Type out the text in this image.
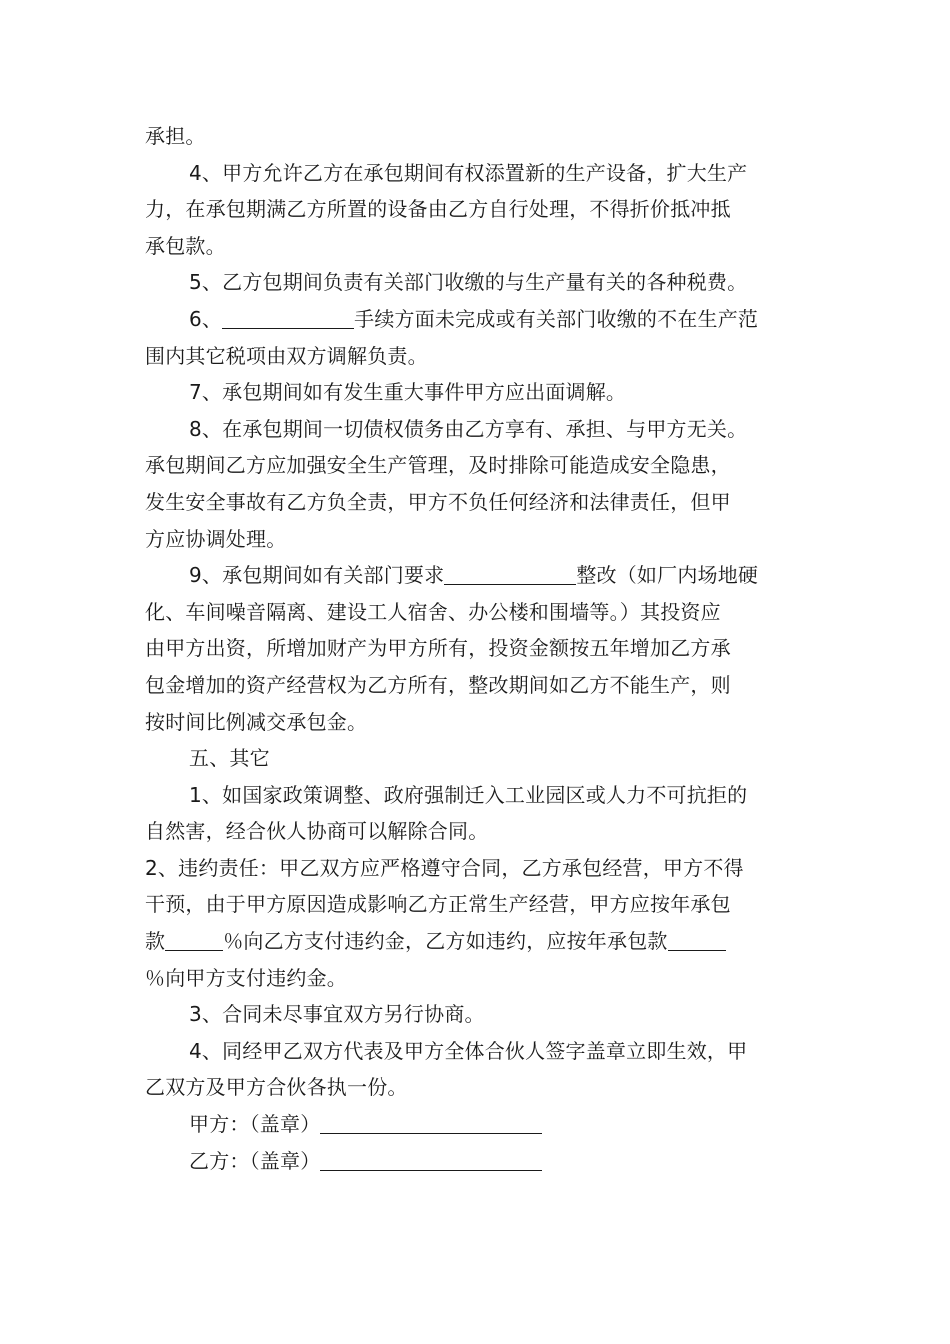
承担。
4、甲方允许乙方在承包期间有权添置新的生产设备，扩大生产
力，在承包期满乙方所置的设备由乙方自行处理，不得折价抵冲抵
承包款。
5、乙方包期间负责有关部门收缴的与生产量有关的各种税费。
6、	手续方面未完成或有关部门收缴的不在生产范
围内其它税项由双方调解负责。
7、承包期间如有发生重大事件甲方应出面调解。
8、在承包期间一切债权债务由乙方享有、承担、与甲方无关。
承包期间乙方应加强安全生产管理，及时排除可能造成安全隐患，
发生安全事故有乙方负全责，甲方不负任何经济和法律责任，但甲
方应协调处理。
9、承包期间如有关部门要求	整改（如厂内场地硬
化、车间噪音隔离、建设工人宿舍、办公楼和围墙等。）其投资应
由甲方出资，所增加财产为甲方所有，投资金额按五年增加乙方承
包金增加的资产经营权为乙方所有，整改期间如乙方不能生产，则
按时间比例减交承包金。
五、其它
1、如国家政策调整、政府强制迁入工业园区或人力不可抗拒的
自然害，经合伙人协商可以解除合同。
2、违约责任：甲乙双方应严格遵守合同，乙方承包经营，甲方不得
干预，由于甲方原因造成影响乙方正常生产经营，甲方应按年承包
款	％向乙方支付违约金，乙方如违约，应按年承包款
％向甲方支付违约金。
3、合同未尽事宜双方另行协商。
4、同经甲乙双方代表及甲方全体合伙人签字盖章立即生效，甲
乙双方及甲方合伙各执一份。
甲方：（盖章）
乙方：（盖章）
